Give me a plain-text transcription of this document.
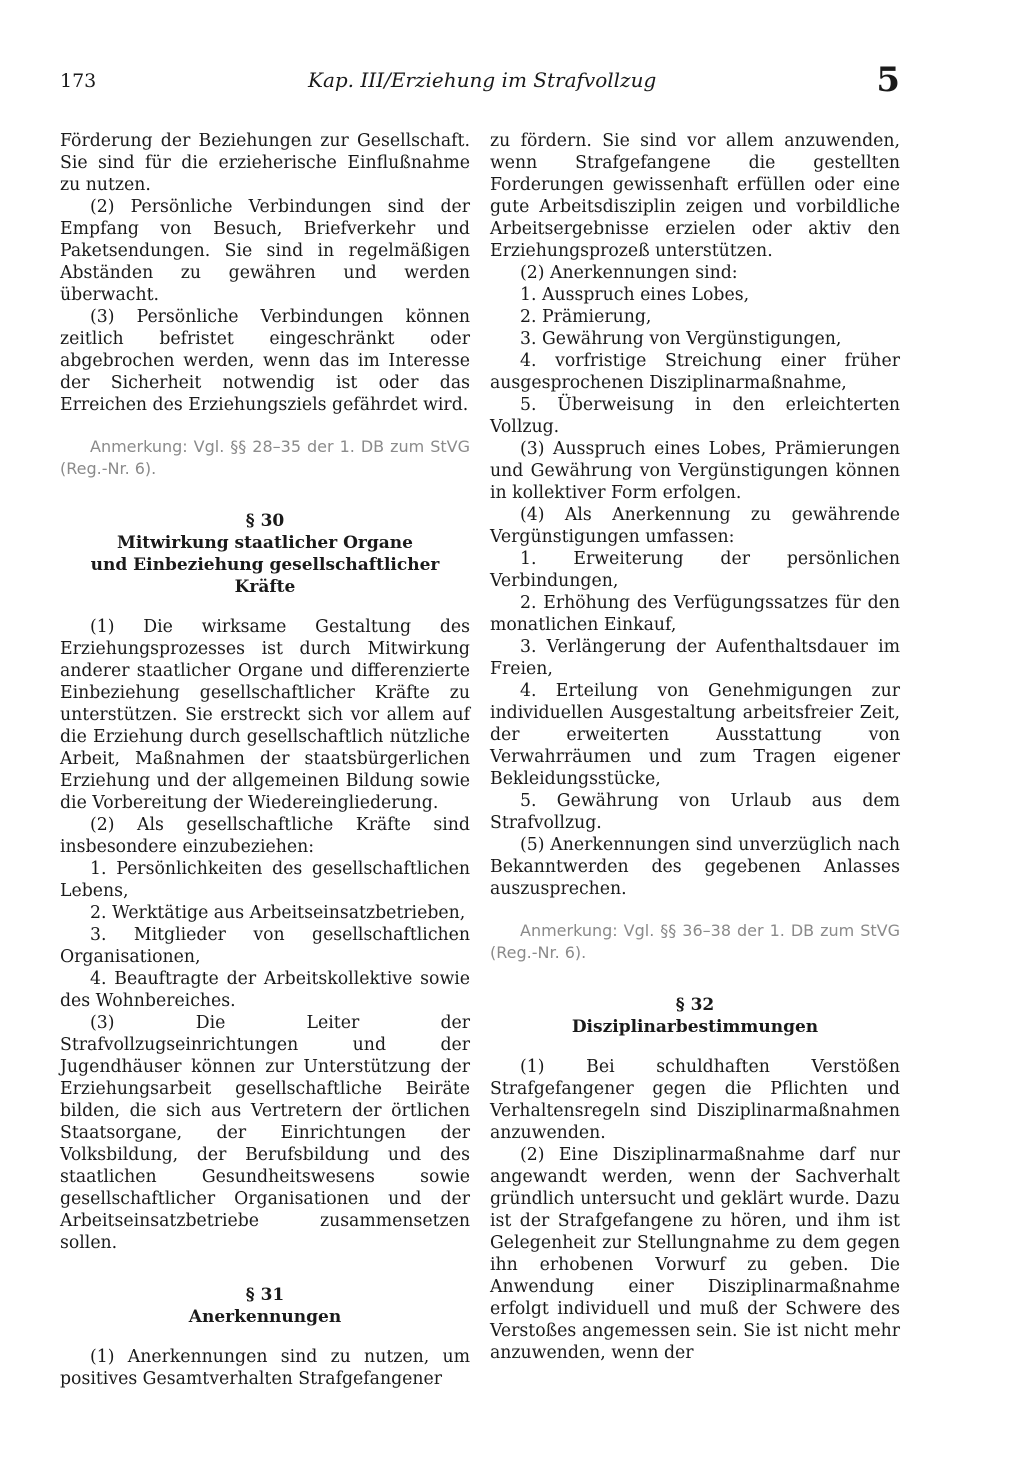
173	Kap. III/Erziehung im Strafvollzug	5

Förderung der Beziehungen zur Gesellschaft. Sie sind für die erzieherische Einflußnahme zu nutzen.

(2) Persönliche Verbindungen sind der Empfang von Besuch, Briefverkehr und Paketsendungen. Sie sind in regelmäßigen Abständen zu gewähren und werden überwacht.

(3) Persönliche Verbindungen können zeitlich befristet eingeschränkt oder abgebrochen werden, wenn das im Interesse der Sicherheit notwendig ist oder das Erreichen des Erziehungsziels gefährdet wird.

Anmerkung: Vgl. §§ 28–35 der 1. DB zum StVG (Reg.-Nr. 6).

§ 30

Mitwirkung staatlicher Organe

und Einbeziehung gesellschaftlicher Kräfte

(1) Die wirksame Gestaltung des Erziehungsprozesses ist durch Mitwirkung anderer staatlicher Organe und differenzierte Einbeziehung gesellschaftlicher Kräfte zu unterstützen. Sie erstreckt sich vor allem auf die Erziehung durch gesellschaftlich nützliche Arbeit, Maßnahmen der staatsbürgerlichen Erziehung und der allgemeinen Bildung sowie die Vorbereitung der Wiedereingliederung.

(2) Als gesellschaftliche Kräfte sind insbesondere einzubeziehen:

1. Persönlichkeiten des gesellschaftlichen Lebens,

2. Werktätige aus Arbeitseinsatzbetrieben,

3. Mitglieder von gesellschaftlichen Organisationen,

4. Beauftragte der Arbeitskollektive sowie des Wohnbereiches.

(3) Die Leiter der Strafvollzugseinrichtungen und der Jugendhäuser können zur Unterstützung der Erziehungsarbeit gesellschaftliche Beiräte bilden, die sich aus Vertretern der örtlichen Staatsorgane, der Einrichtungen der Volksbildung, der Berufsbildung und des staatlichen Gesundheitswesens sowie gesellschaftlicher Organisationen und der Arbeitseinsatzbetriebe zusammensetzen sollen.

§ 31

Anerkennungen

(1) Anerkennungen sind zu nutzen, um positives Gesamtverhalten Strafgefangener

zu fördern. Sie sind vor allem anzuwenden, wenn Strafgefangene die gestellten Forderungen gewissenhaft erfüllen oder eine gute Arbeitsdisziplin zeigen und vorbildliche Arbeitsergebnisse erzielen oder aktiv den Erziehungsprozeß unterstützen.

(2) Anerkennungen sind:

1. Ausspruch eines Lobes,

2. Prämierung,

3. Gewährung von Vergünstigungen,

4. vorfristige Streichung einer früher ausgesprochenen Disziplinarmaßnahme,

5. Überweisung in den erleichterten Vollzug.

(3) Ausspruch eines Lobes, Prämierungen und Gewährung von Vergünstigungen können in kollektiver Form erfolgen.

(4) Als Anerkennung zu gewährende Vergünstigungen umfassen:

1. Erweiterung der persönlichen Verbindungen,

2. Erhöhung des Verfügungssatzes für den monatlichen Einkauf,

3. Verlängerung der Aufenthaltsdauer im Freien,

4. Erteilung von Genehmigungen zur individuellen Ausgestaltung arbeitsfreier Zeit, der erweiterten Ausstattung von Verwahrräumen und zum Tragen eigener Bekleidungsstücke,

5. Gewährung von Urlaub aus dem Strafvollzug.

(5) Anerkennungen sind unverzüglich nach Bekanntwerden des gegebenen Anlasses auszusprechen.

Anmerkung: Vgl. §§ 36–38 der 1. DB zum StVG (Reg.-Nr. 6).

§ 32

Disziplinarbestimmungen

(1) Bei schuldhaften Verstößen Strafgefangener gegen die Pflichten und Verhaltensregeln sind Disziplinarmaßnahmen anzuwenden.

(2) Eine Disziplinarmaßnahme darf nur angewandt werden, wenn der Sachverhalt gründlich untersucht und geklärt wurde. Dazu ist der Strafgefangene zu hören, und ihm ist Gelegenheit zur Stellungnahme zu dem gegen ihn erhobenen Vorwurf zu geben. Die Anwendung einer Disziplinarmaßnahme erfolgt individuell und muß der Schwere des Verstoßes angemessen sein. Sie ist nicht mehr anzuwenden, wenn der
